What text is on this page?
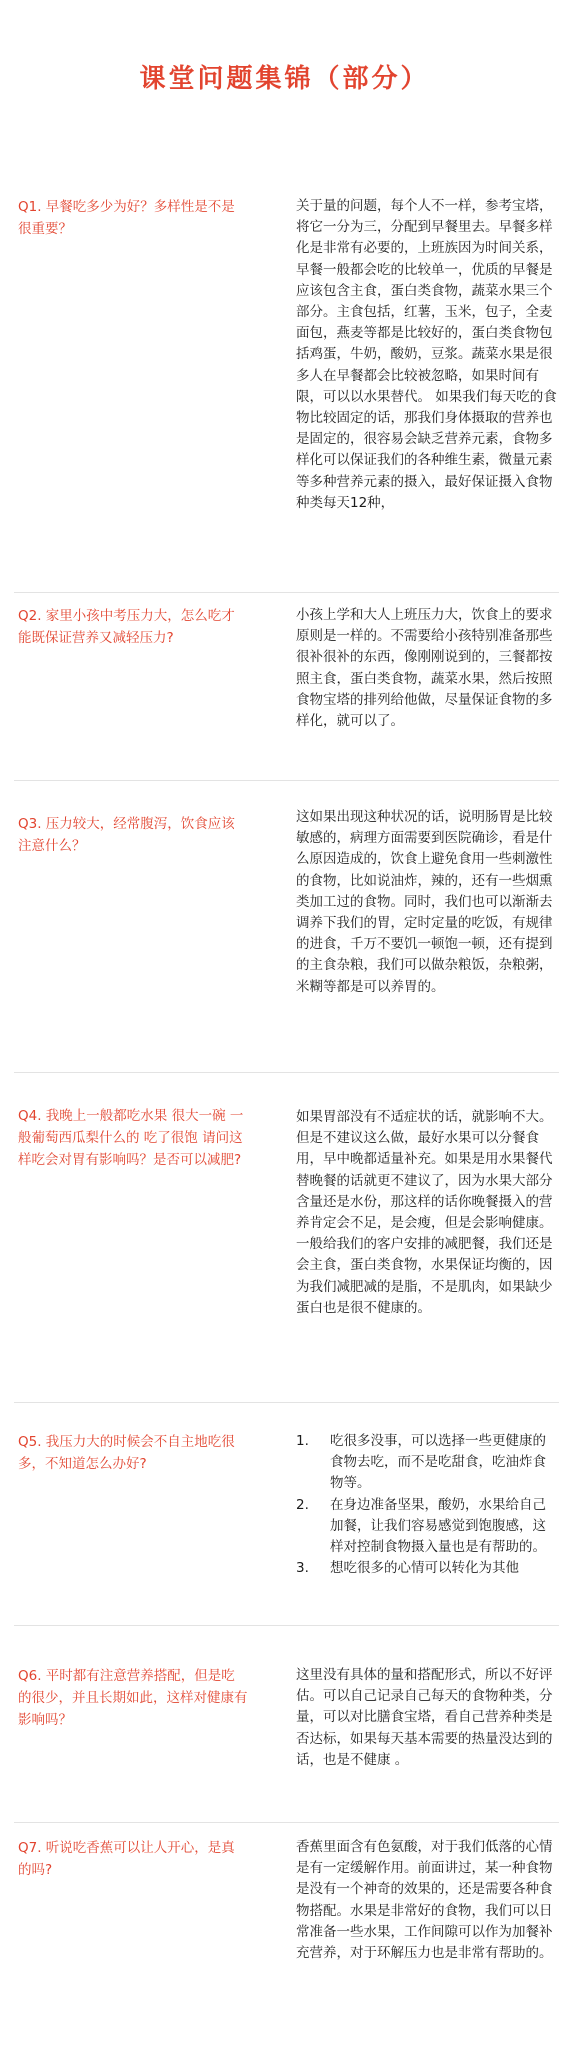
课堂问题集锦（部分）
Q1. 早餐吃多少为好？多样性是不是很重要？
关于量的问题，每个人不一样，参考宝塔，将它一分为三，分配到早餐里去。早餐多样化是非常有必要的，上班族因为时间关系，早餐一般都会吃的比较单一，优质的早餐是应该包含主食，蛋白类食物，蔬菜水果三个部分。主食包括，红薯，玉米，包子，全麦面包，燕麦等都是比较好的，蛋白类食物包括鸡蛋，牛奶，酸奶，豆浆。蔬菜水果是很多人在早餐都会比较被忽略，如果时间有限，可以以水果替代。 如果我们每天吃的食物比较固定的话，那我们身体摄取的营养也是固定的，很容易会缺乏营养元素，食物多样化可以保证我们的各种维生素，微量元素等多种营养元素的摄入，最好保证摄入食物种类每天12种，
Q2. 家里小孩中考压力大，怎么吃才能既保证营养又减轻压力?
小孩上学和大人上班压力大，饮食上的要求原则是一样的。不需要给小孩特别准备那些很补很补的东西，像刚刚说到的，三餐都按照主食，蛋白类食物，蔬菜水果，然后按照食物宝塔的排列给他做，尽量保证食物的多样化，就可以了。
Q3. 压力较大，经常腹泻，饮食应该注意什么？
这如果出现这种状况的话，说明肠胃是比较敏感的，病理方面需要到医院确诊，看是什么原因造成的，饮食上避免食用一些刺激性的食物，比如说油炸，辣的，还有一些烟熏类加工过的食物。同时，我们也可以渐渐去调养下我们的胃，定时定量的吃饭，有规律的进食，千万不要饥一顿饱一顿，还有提到的主食杂粮，我们可以做杂粮饭，杂粮粥，米糊等都是可以养胃的。
Q4. 我晚上一般都吃水果 很大一碗 一般葡萄西瓜梨什么的 吃了很饱 请问这样吃会对胃有影响吗？是否可以减肥?
如果胃部没有不适症状的话，就影响不大。但是不建议这么做，最好水果可以分餐食用，早中晚都适量补充。如果是用水果餐代替晚餐的话就更不建议了，因为水果大部分含量还是水份，那这样的话你晚餐摄入的营养肯定会不足，是会瘦，但是会影响健康。
一般给我们的客户安排的减肥餐，我们还是会主食，蛋白类食物，水果保证均衡的，因为我们减肥减的是脂，不是肌肉，如果缺少蛋白也是很不健康的。
Q5. 我压力大的时候会不自主地吃很多，不知道怎么办好?
1.	吃很多没事，可以选择一些更健康的食物去吃，而不是吃甜食，吃油炸食物等。
2.	在身边准备坚果，酸奶，水果给自己加餐，让我们容易感觉到饱腹感，这样对控制食物摄入量也是有帮助的。
3.	想吃很多的心情可以转化为其他
Q6. 平时都有注意营养搭配，但是吃的很少，并且长期如此，这样对健康有影响吗？
这里没有具体的量和搭配形式，所以不好评估。可以自己记录自己每天的食物种类，分量，可以对比膳食宝塔，看自己营养种类是否达标，如果每天基本需要的热量没达到的话，也是不健康 。
Q7. 听说吃香蕉可以让人开心，是真的吗?
香蕉里面含有色氨酸，对于我们低落的心情是有一定缓解作用。前面讲过，某一种食物是没有一个神奇的效果的，还是需要各种食物搭配。水果是非常好的食物，我们可以日常准备一些水果，工作间隙可以作为加餐补充营养，对于环解压力也是非常有帮助的。
